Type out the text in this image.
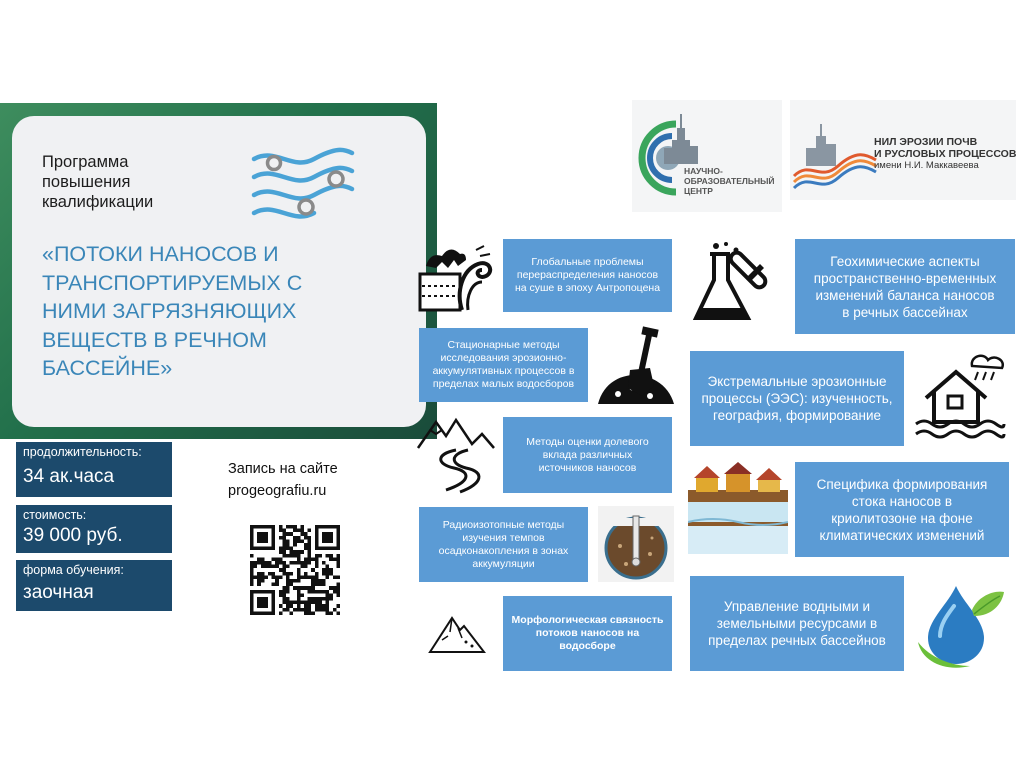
Программа
повышения
квалификации
«ПОТОКИ НАНОСОВ И
ТРАНСПОРТИРУЕМЫХ С
НИМИ ЗАГРЯЗНЯЮЩИХ
ВЕЩЕСТВ В РЕЧНОМ
БАССЕЙНЕ»
продолжительность:
34 ак.часа
стоимость:
39 000 руб.
форма обучения:
заочная
Запись на сайте
progeografiu.ru
НАУЧНО-
ОБРАЗОВАТЕЛЬНЫЙ
ЦЕНТР
НИЛ ЭРОЗИИ ПОЧВ
И РУСЛОВЫХ ПРОЦЕССОВ
имени Н.И. Маккавеева
Глобальные проблемы
перераспределения наносов
на суше в эпоху Антропоцена
Стационарные методы
исследования эрозионно-
аккумулятивных процессов в
пределах малых водосборов
Методы оценки долевого
вклада различных
источников наносов
Радиоизотопные методы
изучения темпов
осадконакопления в зонах
аккумуляции
Морфологическая связность
потоков наносов на
водосборе
Геохимические аспекты
пространственно-временных
изменений баланса наносов
в речных бассейнах
Экстремальные эрозионные
процессы (ЭЭС): изученность,
география, формирование
Специфика формирования
стока наносов в
криолитозоне на фоне
климатических изменений
Управление водными и
земельными ресурсами в
пределах речных бассейнов
